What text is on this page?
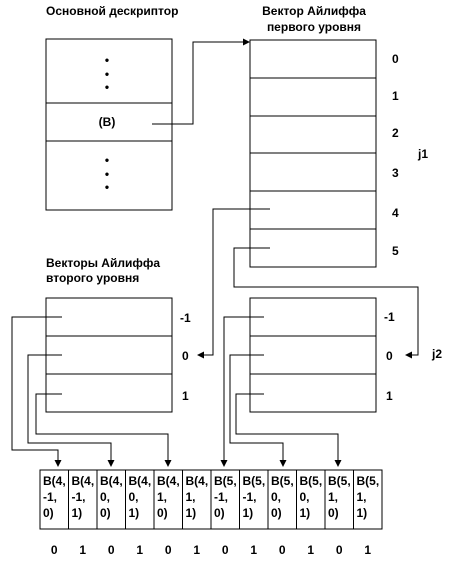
Основной дескриптор	Вектор Айлиффа
первого уровня
Векторы Айлиффа
второго уровня
•
•
•
(B)
•
•
•
0
1
2
3
4
5
j1
-1
0
1
-1
0
1
j2
B(4,
-1,
0)
B(4,
-1,
1)
B(4,
0,
0)
B(4,
0,
1)
B(4,
1,
0)
B(4,
1,
1)
B(5,
-1,
0)
B(5,
-1,
1)
B(5,
0,
0)
B(5,
0,
1)
B(5,
1,
0)
B(5,
1,
1)
0 1 0 1 0 1 0 1 0 1 0 1
